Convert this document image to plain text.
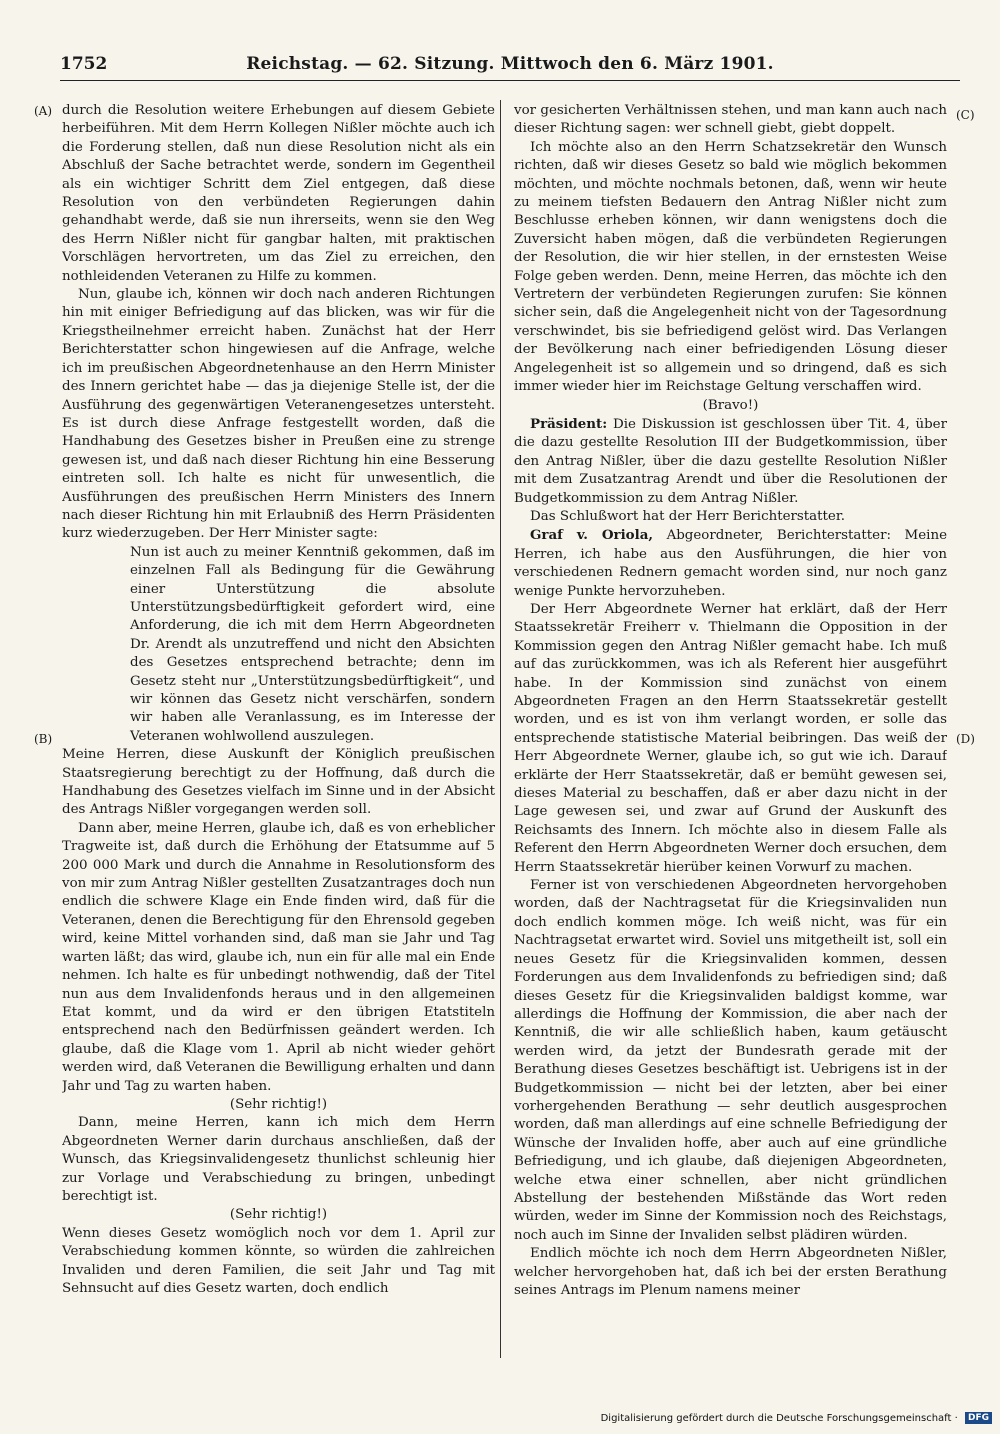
1752	Reichstag. — 62. Sitzung. Mittwoch den 6. März 1901.
(A)
(B)
(C)
(D)

durch die Resolution weitere Erhebungen auf diesem Gebiete herbeiführen. Mit dem Herrn Kollegen Nißler möchte auch ich die Forderung stellen, daß nun diese Resolution nicht als ein Abschluß der Sache betrachtet werde, sondern im Gegentheil als ein wichtiger Schritt dem Ziel entgegen, daß diese Resolution von den verbündeten Regierungen dahin gehandhabt werde, daß sie nun ihrerseits, wenn sie den Weg des Herrn Nißler nicht für gangbar halten, mit praktischen Vorschlägen hervortreten, um das Ziel zu erreichen, den nothleidenden Veteranen zu Hilfe zu kommen.

Nun, glaube ich, können wir doch nach anderen Richtungen hin mit einiger Befriedigung auf das blicken, was wir für die Kriegstheilnehmer erreicht haben. Zunächst hat der Herr Berichterstatter schon hingewiesen auf die Anfrage, welche ich im preußischen Abgeordnetenhause an den Herrn Minister des Innern gerichtet habe — das ja diejenige Stelle ist, der die Ausführung des gegenwärtigen Veteranengesetzes untersteht. Es ist durch diese Anfrage festgestellt worden, daß die Handhabung des Gesetzes bisher in Preußen eine zu strenge gewesen ist, und daß nach dieser Richtung hin eine Besserung eintreten soll. Ich halte es nicht für unwesentlich, die Ausführungen des preußischen Herrn Ministers des Innern nach dieser Richtung hin mit Erlaubniß des Herrn Präsidenten kurz wiederzugeben. Der Herr Minister sagte:

Nun ist auch zu meiner Kenntniß gekommen, daß im einzelnen Fall als Bedingung für die Gewährung einer Unterstützung die absolute Unterstützungsbedürftigkeit gefordert wird, eine Anforderung, die ich mit dem Herrn Abgeordneten Dr. Arendt als unzutreffend und nicht den Absichten des Gesetzes entsprechend betrachte; denn im Gesetz steht nur „Unterstützungsbedürftigkeit“, und wir können das Gesetz nicht verschärfen, sondern wir haben alle Veranlassung, es im Interesse der Veteranen wohlwollend auszulegen.

Meine Herren, diese Auskunft der Königlich preußischen Staatsregierung berechtigt zu der Hoffnung, daß durch die Handhabung des Gesetzes vielfach im Sinne und in der Absicht des Antrags Nißler vorgegangen werden soll.

Dann aber, meine Herren, glaube ich, daß es von erheblicher Tragweite ist, daß durch die Erhöhung der Etatsumme auf 5 200 000 Mark und durch die Annahme in Resolutionsform des von mir zum Antrag Nißler gestellten Zusatzantrages doch nun endlich die schwere Klage ein Ende finden wird, daß für die Veteranen, denen die Berechtigung für den Ehrensold gegeben wird, keine Mittel vorhanden sind, daß man sie Jahr und Tag warten läßt; das wird, glaube ich, nun ein für alle mal ein Ende nehmen. Ich halte es für unbedingt nothwendig, daß der Titel nun aus dem Invalidenfonds heraus und in den allgemeinen Etat kommt, und da wird er den übrigen Etatstiteln entsprechend nach den Bedürfnissen geändert werden. Ich glaube, daß die Klage vom 1. April ab nicht wieder gehört werden wird, daß Veteranen die Bewilligung erhalten und dann Jahr und Tag zu warten haben.

(Sehr richtig!)

Dann, meine Herren, kann ich mich dem Herrn Abgeordneten Werner darin durchaus anschließen, daß der Wunsch, das Kriegsinvalidengesetz thunlichst schleunig hier zur Vorlage und Verabschiedung zu bringen, unbedingt berechtigt ist.

(Sehr richtig!)

Wenn dieses Gesetz womöglich noch vor dem 1. April zur Verabschiedung kommen könnte, so würden die zahlreichen Invaliden und deren Familien, die seit Jahr und Tag mit Sehnsucht auf dies Gesetz warten, doch endlich

vor gesicherten Verhältnissen stehen, und man kann auch nach dieser Richtung sagen: wer schnell giebt, giebt doppelt.

Ich möchte also an den Herrn Schatzsekretär den Wunsch richten, daß wir dieses Gesetz so bald wie möglich bekommen möchten, und möchte nochmals betonen, daß, wenn wir heute zu meinem tiefsten Bedauern den Antrag Nißler nicht zum Beschlusse erheben können, wir dann wenigstens doch die Zuversicht haben mögen, daß die verbündeten Regierungen der Resolution, die wir hier stellen, in der ernstesten Weise Folge geben werden. Denn, meine Herren, das möchte ich den Vertretern der verbündeten Regierungen zurufen: Sie können sicher sein, daß die Angelegenheit nicht von der Tagesordnung verschwindet, bis sie befriedigend gelöst wird. Das Verlangen der Bevölkerung nach einer befriedigenden Lösung dieser Angelegenheit ist so allgemein und so dringend, daß es sich immer wieder hier im Reichstage Geltung verschaffen wird.

(Bravo!)

Präsident: Die Diskussion ist geschlossen über Tit. 4, über die dazu gestellte Resolution III der Budgetkommission, über den Antrag Nißler, über die dazu gestellte Resolution Nißler mit dem Zusatzantrag Arendt und über die Resolutionen der Budgetkommission zu dem Antrag Nißler.

Das Schlußwort hat der Herr Berichterstatter.

Graf v. Oriola, Abgeordneter, Berichterstatter: Meine Herren, ich habe aus den Ausführungen, die hier von verschiedenen Rednern gemacht worden sind, nur noch ganz wenige Punkte hervorzuheben.

Der Herr Abgeordnete Werner hat erklärt, daß der Herr Staatssekretär Freiherr v. Thielmann die Opposition in der Kommission gegen den Antrag Nißler gemacht habe. Ich muß auf das zurückkommen, was ich als Referent hier ausgeführt habe. In der Kommission sind zunächst von einem Abgeordneten Fragen an den Herrn Staatssekretär gestellt worden, und es ist von ihm verlangt worden, er solle das entsprechende statistische Material beibringen. Das weiß der Herr Abgeordnete Werner, glaube ich, so gut wie ich. Darauf erklärte der Herr Staatssekretär, daß er bemüht gewesen sei, dieses Material zu beschaffen, daß er aber dazu nicht in der Lage gewesen sei, und zwar auf Grund der Auskunft des Reichsamts des Innern. Ich möchte also in diesem Falle als Referent den Herrn Abgeordneten Werner doch ersuchen, dem Herrn Staatssekretär hierüber keinen Vorwurf zu machen.

Ferner ist von verschiedenen Abgeordneten hervorgehoben worden, daß der Nachtragsetat für die Kriegsinvaliden nun doch endlich kommen möge. Ich weiß nicht, was für ein Nachtragsetat erwartet wird. Soviel uns mitgetheilt ist, soll ein neues Gesetz für die Kriegsinvaliden kommen, dessen Forderungen aus dem Invalidenfonds zu befriedigen sind; daß dieses Gesetz für die Kriegsinvaliden baldigst komme, war allerdings die Hoffnung der Kommission, die aber nach der Kenntniß, die wir alle schließlich haben, kaum getäuscht werden wird, da jetzt der Bundesrath gerade mit der Berathung dieses Gesetzes beschäftigt ist. Uebrigens ist in der Budgetkommission — nicht bei der letzten, aber bei einer vorhergehenden Berathung — sehr deutlich ausgesprochen worden, daß man allerdings auf eine schnelle Befriedigung der Wünsche der Invaliden hoffe, aber auch auf eine gründliche Befriedigung, und ich glaube, daß diejenigen Abgeordneten, welche etwa einer schnellen, aber nicht gründlichen Abstellung der bestehenden Mißstände das Wort reden würden, weder im Sinne der Kommission noch des Reichstags, noch auch im Sinne der Invaliden selbst plädiren würden.

Endlich möchte ich noch dem Herrn Abgeordneten Nißler, welcher hervorgehoben hat, daß ich bei der ersten Berathung seines Antrags im Plenum namens meiner

Digitalisierung gefördert durch die Deutsche Forschungsgemeinschaft · DFG
